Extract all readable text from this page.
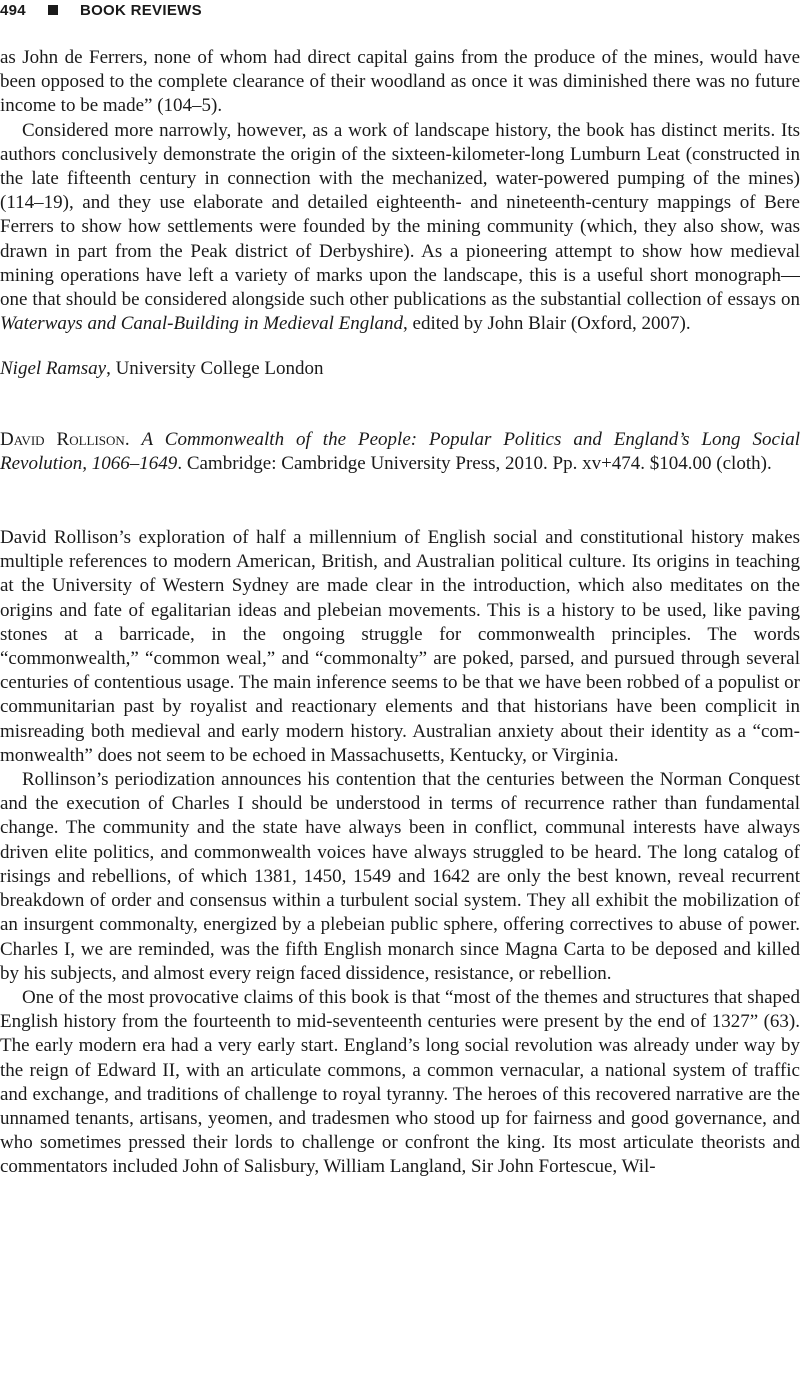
494	BOOK REVIEWS

as John de Ferrers, none of whom had direct capital gains from the produce of the mines, would have been opposed to the complete clearance of their woodland as once it was diminished there was no future income to be made” (104–5).

Considered more narrowly, however, as a work of landscape history, the book has distinct merits. Its authors conclusively demonstrate the origin of the sixteen-kilometer-long Lumburn Leat (constructed in the late fifteenth century in connection with the mechanized, water-powered pumping of the mines) (114–19), and they use elaborate and detailed eighteenth- and nineteenth-century mappings of Bere Ferrers to show how settlements were founded by the mining community (which, they also show, was drawn in part from the Peak district of Derbyshire). As a pioneering attempt to show how medieval mining operations have left a variety of marks upon the landscape, this is a useful short monograph—one that should be considered alongside such other publications as the substantial collection of essays on Waterways and Canal-Building in Medieval England, edited by John Blair (Oxford, 2007).

Nigel Ramsay, University College London

David Rollison. A Commonwealth of the People: Popular Politics and England’s Long Social Revolution, 1066–1649. Cambridge: Cambridge University Press, 2010. Pp. xv+474. $104.00 (cloth).

David Rollison’s exploration of half a millennium of English social and constitutional history makes multiple references to modern American, British, and Australian political culture. Its origins in teaching at the University of Western Sydney are made clear in the introduction, which also meditates on the origins and fate of egalitarian ideas and plebeian movements. This is a history to be used, like paving stones at a barricade, in the ongoing struggle for commonwealth principles. The words “commonwealth,” “common weal,” and “commonalty” are poked, parsed, and pursued through several centuries of contentious usage. The main inference seems to be that we have been robbed of a populist or communitarian past by royalist and reactionary elements and that historians have been complicit in misreading both medieval and early modern history. Australian anxiety about their identity as a “commonwealth” does not seem to be echoed in Massachusetts, Kentucky, or Virginia.

Rollinson’s periodization announces his contention that the centuries between the Norman Conquest and the execution of Charles I should be understood in terms of recurrence rather than fundamental change. The community and the state have always been in conflict, communal interests have always driven elite politics, and commonwealth voices have always struggled to be heard. The long catalog of risings and rebellions, of which 1381, 1450, 1549 and 1642 are only the best known, reveal recurrent breakdown of order and consensus within a turbulent social system. They all exhibit the mobilization of an insurgent commonalty, energized by a plebeian public sphere, offering correctives to abuse of power. Charles I, we are reminded, was the fifth English monarch since Magna Carta to be deposed and killed by his subjects, and almost every reign faced dissidence, resistance, or rebellion.

One of the most provocative claims of this book is that “most of the themes and structures that shaped English history from the fourteenth to mid-seventeenth centuries were present by the end of 1327” (63). The early modern era had a very early start. England’s long social revolution was already under way by the reign of Edward II, with an articulate commons, a common vernacular, a national system of traffic and exchange, and traditions of challenge to royal tyranny. The heroes of this recovered narrative are the unnamed tenants, artisans, yeomen, and tradesmen who stood up for fairness and good governance, and who sometimes pressed their lords to challenge or confront the king. Its most articulate theorists and commentators included John of Salisbury, William Langland, Sir John Fortescue, Wil-
